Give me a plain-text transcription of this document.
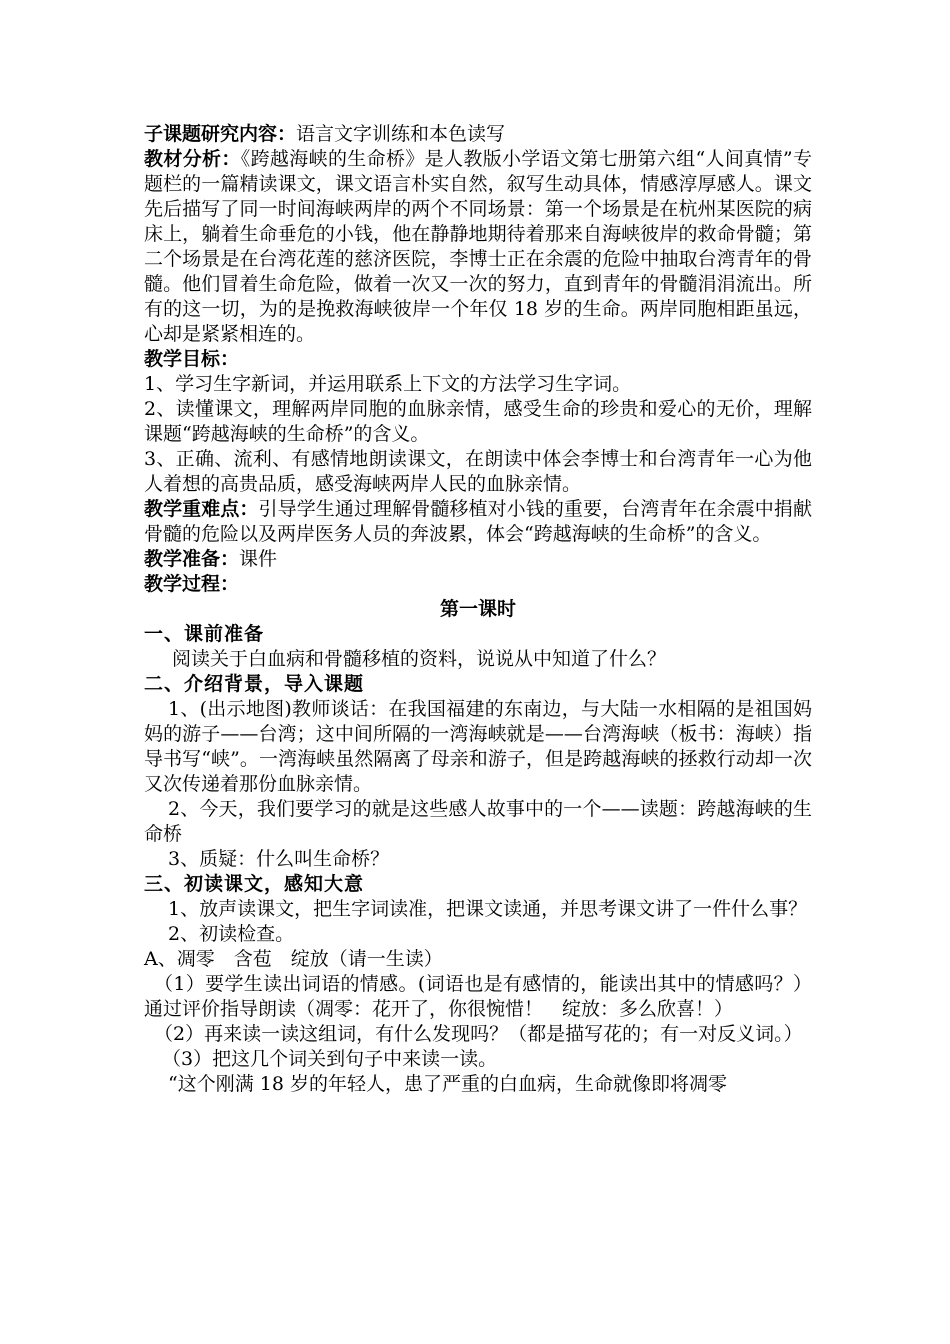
子课题研究内容：语言文字训练和本色读写

教材分析：《跨越海峡的生命桥》是人教版小学语文第七册第六组“人间真情”专题栏的一篇精读课文，课文语言朴实自然，叙写生动具体，情感淳厚感人。课文先后描写了同一时间海峡两岸的两个不同场景：第一个场景是在杭州某医院的病床上，躺着生命垂危的小钱，他在静静地期待着那来自海峡彼岸的救命骨髓；第二个场景是在台湾花莲的慈济医院，李博士正在余震的危险中抽取台湾青年的骨髓。他们冒着生命危险，做着一次又一次的努力，直到青年的骨髓涓涓流出。所有的这一切，为的是挽救海峡彼岸一个年仅 18 岁的生命。两岸同胞相距虽远，心却是紧紧相连的。

教学目标：

1、学习生字新词，并运用联系上下文的方法学习生字词。

2、读懂课文，理解两岸同胞的血脉亲情，感受生命的珍贵和爱心的无价，理解课题“跨越海峡的生命桥”的含义。

3、正确、流利、有感情地朗读课文，在朗读中体会李博士和台湾青年一心为他人着想的高贵品质，感受海峡两岸人民的血脉亲情。

教学重难点：引导学生通过理解骨髓移植对小钱的重要，台湾青年在余震中捐献骨髓的危险以及两岸医务人员的奔波累，体会“跨越海峡的生命桥”的含义。

教学准备：课件

教学过程：

第一课时

一、课前准备

阅读关于白血病和骨髓移植的资料，说说从中知道了什么？

二、介绍背景，导入课题

1、(出示地图)教师谈话：在我国福建的东南边，与大陆一水相隔的是祖国妈妈的游子——台湾；这中间所隔的一湾海峡就是——台湾海峡（板书：海峡）指导书写“峡”。一湾海峡虽然隔离了母亲和游子，但是跨越海峡的拯救行动却一次又次传递着那份血脉亲情。

2、今天，我们要学习的就是这些感人故事中的一个——读题：跨越海峡的生命桥

3、质疑：什么叫生命桥？

三、初读课文，感知大意

1、放声读课文，把生字词读准，把课文读通，并思考课文讲了一件什么事？

2、初读检查。

A、凋零　含苞　绽放（请一生读）

（1）要学生读出词语的情感。(词语也是有感情的，能读出其中的情感吗？）通过评价指导朗读（凋零：花开了，你很惋惜！　绽放：多么欣喜！）

（2）再来读一读这组词，有什么发现吗？（都是描写花的；有一对反义词。）

（3）把这几个词关到句子中来读一读。

“这个刚满 18 岁的年轻人，患了严重的白血病，生命就像即将凋零
